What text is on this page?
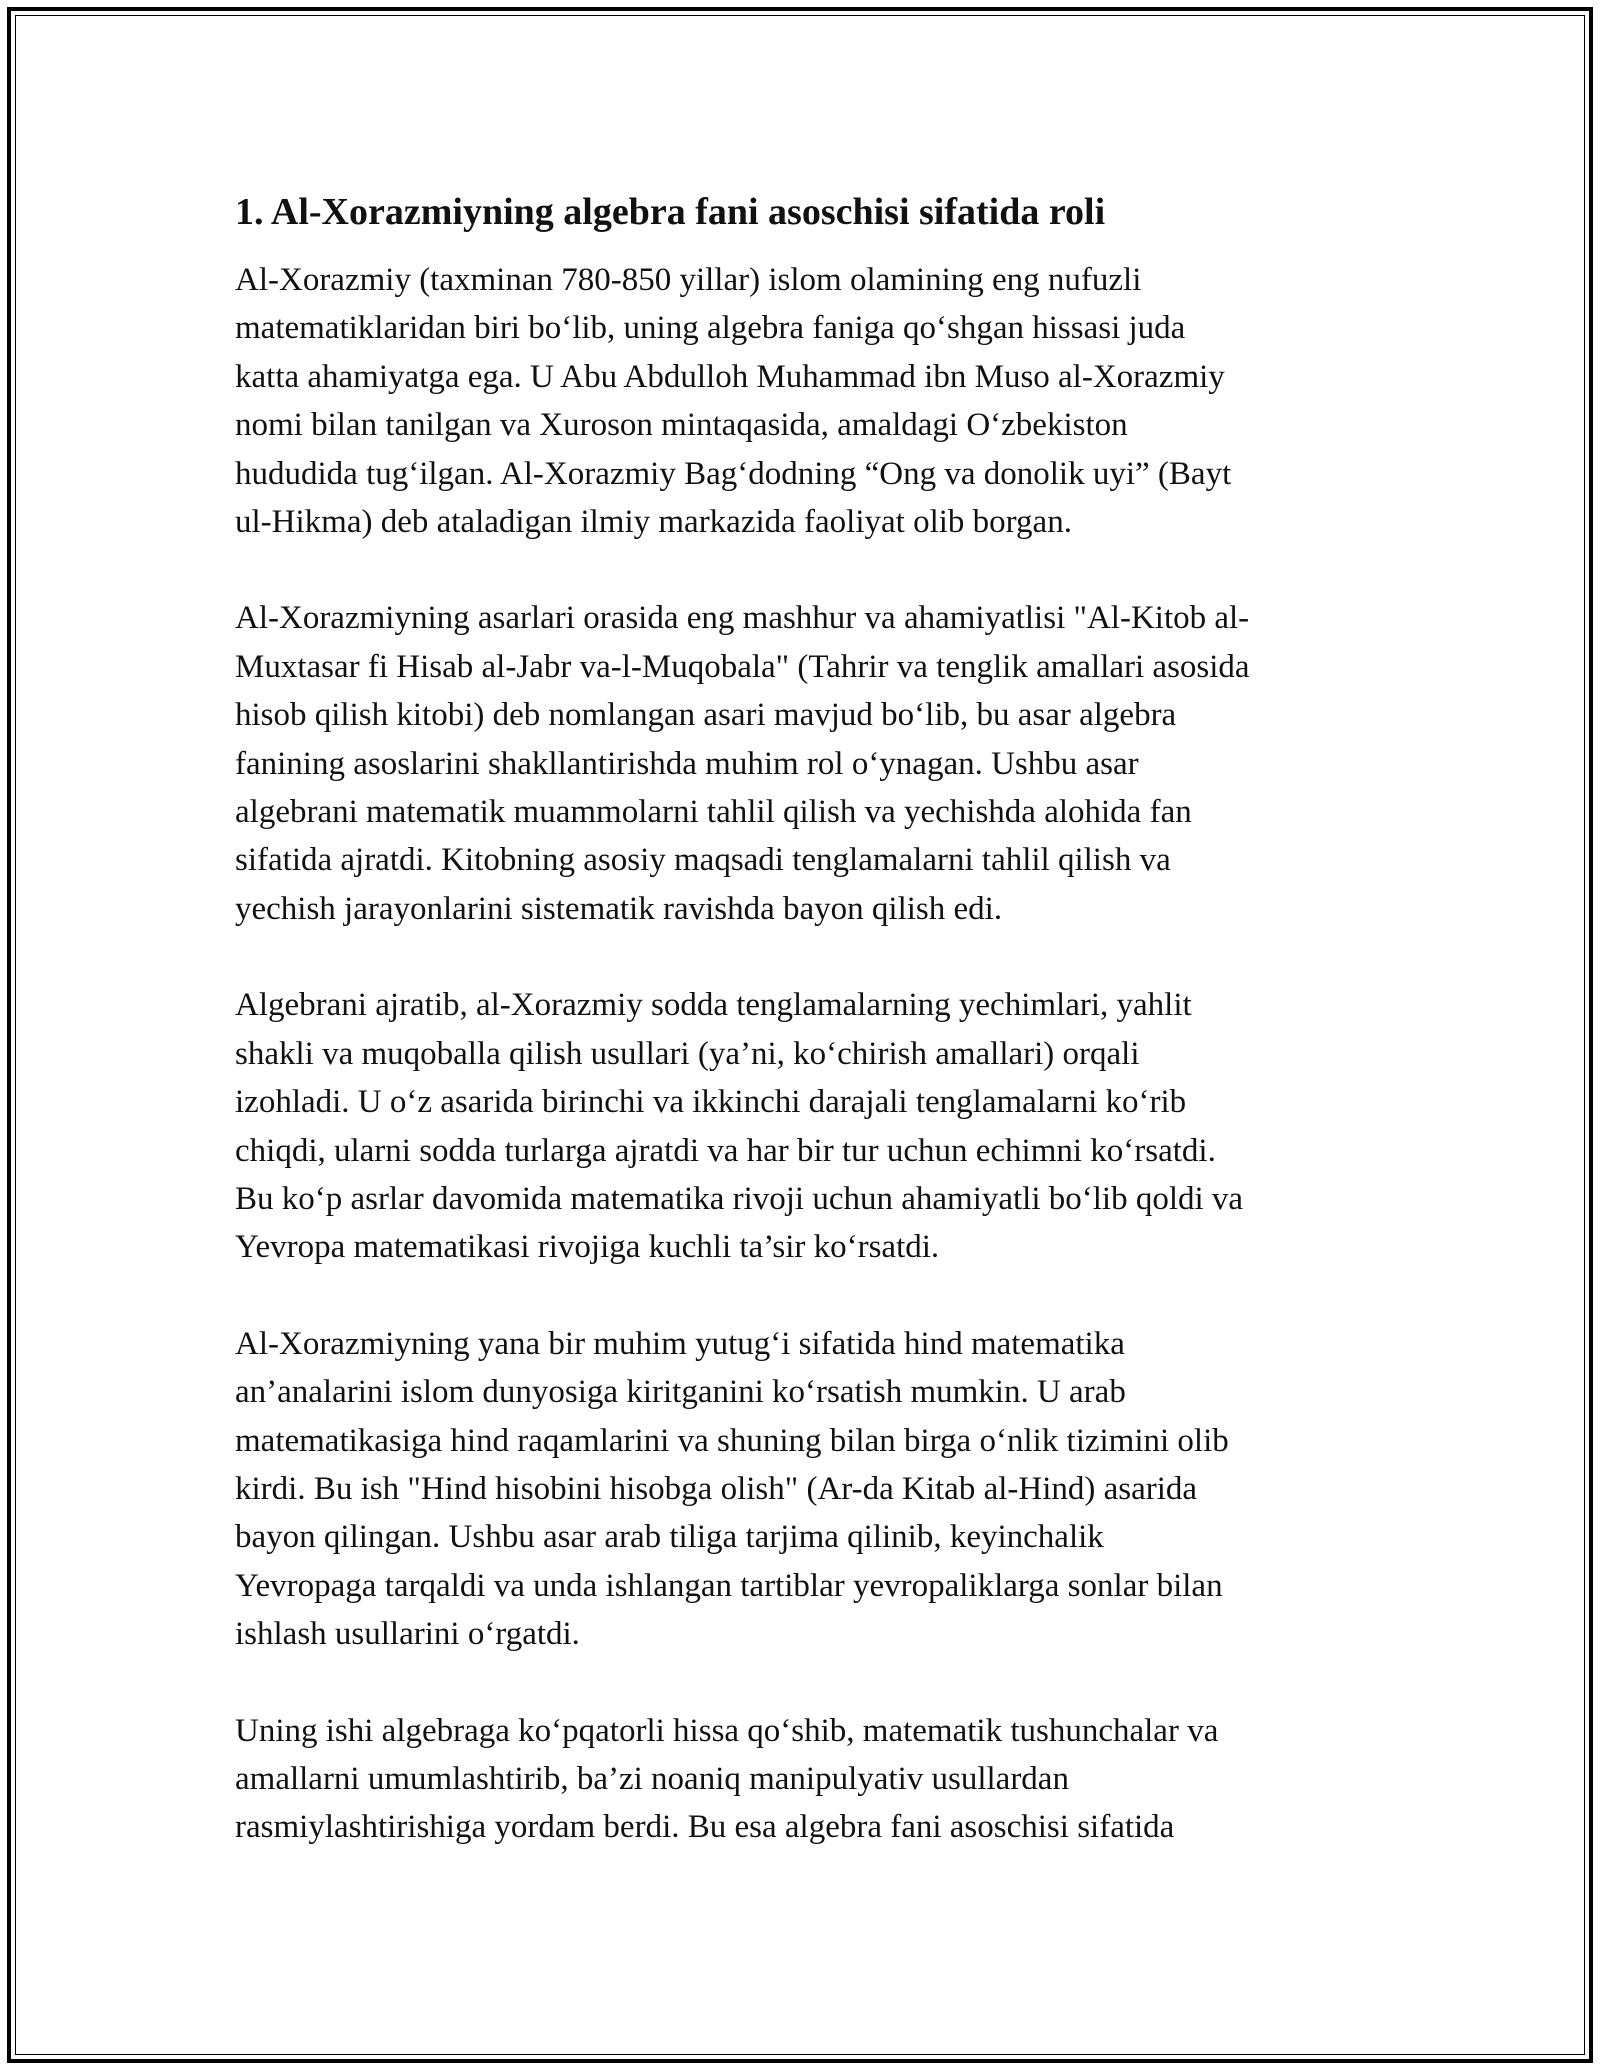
1. Al-Xorazmiyning algebra fani asoschisi sifatida roli

Al-Xorazmiy (taxminan 780-850 yillar) islom olamining eng nufuzli
matematiklaridan biri bo‘lib, uning algebra faniga qo‘shgan hissasi juda
katta ahamiyatga ega. U Abu Abdulloh Muhammad ibn Muso al-Xorazmiy
nomi bilan tanilgan va Xuroson mintaqasida, amaldagi O‘zbekiston
hududida tug‘ilgan. Al-Xorazmiy Bag‘dodning “Ong va donolik uyi” (Bayt
ul-Hikma) deb ataladigan ilmiy markazida faoliyat olib borgan.

Al-Xorazmiyning asarlari orasida eng mashhur va ahamiyatlisi "Al-Kitob al-
Muxtasar fi Hisab al-Jabr va-l-Muqobala" (Tahrir va tenglik amallari asosida
hisob qilish kitobi) deb nomlangan asari mavjud bo‘lib, bu asar algebra
fanining asoslarini shakllantirishda muhim rol o‘ynagan. Ushbu asar
algebrani matematik muammolarni tahlil qilish va yechishda alohida fan
sifatida ajratdi. Kitobning asosiy maqsadi tenglamalarni tahlil qilish va
yechish jarayonlarini sistematik ravishda bayon qilish edi.

Algebrani ajratib, al-Xorazmiy sodda tenglamalarning yechimlari, yahlit
shakli va muqoballa qilish usullari (ya’ni, ko‘chirish amallari) orqali
izohladi. U o‘z asarida birinchi va ikkinchi darajali tenglamalarni ko‘rib
chiqdi, ularni sodda turlarga ajratdi va har bir tur uchun echimni ko‘rsatdi.
Bu ko‘p asrlar davomida matematika rivoji uchun ahamiyatli bo‘lib qoldi va
Yevropa matematikasi rivojiga kuchli ta’sir ko‘rsatdi.

Al-Xorazmiyning yana bir muhim yutug‘i sifatida hind matematika
an’analarini islom dunyosiga kiritganini ko‘rsatish mumkin. U arab
matematikasiga hind raqamlarini va shuning bilan birga o‘nlik tizimini olib
kirdi. Bu ish "Hind hisobini hisobga olish" (Ar-da Kitab al-Hind) asarida
bayon qilingan. Ushbu asar arab tiliga tarjima qilinib, keyinchalik
Yevropaga tarqaldi va unda ishlangan tartiblar yevropaliklarga sonlar bilan
ishlash usullarini o‘rgatdi.

Uning ishi algebraga ko‘pqatorli hissa qo‘shib, matematik tushunchalar va
amallarni umumlashtirib, ba’zi noaniq manipulyativ usullardan
rasmiylashtirishiga yordam berdi. Bu esa algebra fani asoschisi sifatida
